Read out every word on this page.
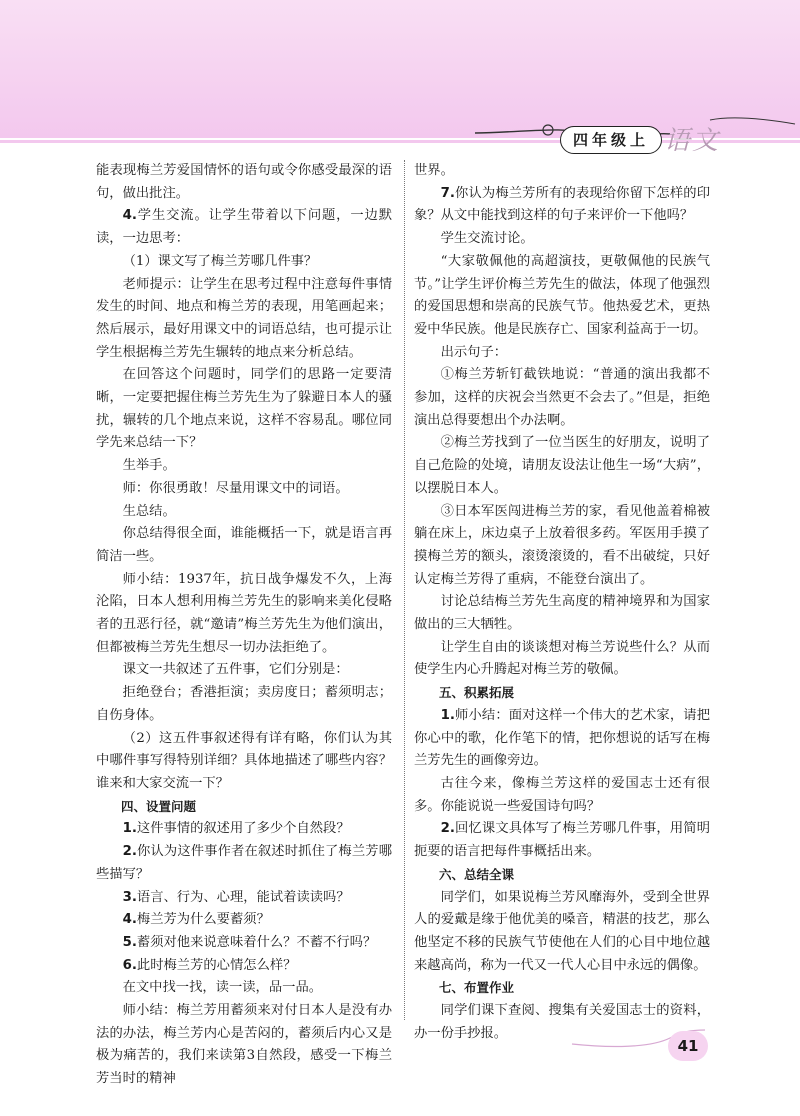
四年级上 语文

能表现梅兰芳爱国情怀的语句或令你感受最深的语句，做出批注。

4.学生交流。让学生带着以下问题，一边默读，一边思考：

（1）课文写了梅兰芳哪几件事？

老师提示：让学生在思考过程中注意每件事情发生的时间、地点和梅兰芳的表现，用笔画起来；然后展示，最好用课文中的词语总结，也可提示让学生根据梅兰芳先生辗转的地点来分析总结。

在回答这个问题时，同学们的思路一定要清晰，一定要把握住梅兰芳先生为了躲避日本人的骚扰，辗转的几个地点来说，这样不容易乱。哪位同学先来总结一下？

生举手。

师：你很勇敢！尽量用课文中的词语。

生总结。

你总结得很全面，谁能概括一下，就是语言再简洁一些。

师小结：1937年，抗日战争爆发不久，上海沦陷，日本人想利用梅兰芳先生的影响来美化侵略者的丑恶行径，就“邀请”梅兰芳先生为他们演出，但都被梅兰芳先生想尽一切办法拒绝了。

课文一共叙述了五件事，它们分别是：

拒绝登台；香港拒演；卖房度日；蓄须明志；自伤身体。

（2）这五件事叙述得有详有略，你们认为其中哪件事写得特别详细？具体地描述了哪些内容？谁来和大家交流一下？

四、设置问题

1.这件事情的叙述用了多少个自然段？

2.你认为这件事作者在叙述时抓住了梅兰芳哪些描写？

3.语言、行为、心理，能试着读读吗？

4.梅兰芳为什么要蓄须？

5.蓄须对他来说意味着什么？不蓄不行吗？

6.此时梅兰芳的心情怎么样？

在文中找一找，读一读，品一品。

师小结：梅兰芳用蓄须来对付日本人是没有办法的办法，梅兰芳内心是苦闷的，蓄须后内心又是极为痛苦的，我们来读第3自然段，感受一下梅兰芳当时的精神

世界。

7.你认为梅兰芳所有的表现给你留下怎样的印象？从文中能找到这样的句子来评价一下他吗？

学生交流讨论。

“大家敬佩他的高超演技，更敬佩他的民族气节。”让学生评价梅兰芳先生的做法，体现了他强烈的爱国思想和崇高的民族气节。他热爱艺术，更热爱中华民族。他是民族存亡、国家利益高于一切。

出示句子：

①梅兰芳斩钉截铁地说：“普通的演出我都不参加，这样的庆祝会当然更不会去了。”但是，拒绝演出总得要想出个办法啊。

②梅兰芳找到了一位当医生的好朋友，说明了自己危险的处境，请朋友设法让他生一场“大病”，以摆脱日本人。

③日本军医闯进梅兰芳的家，看见他盖着棉被躺在床上，床边桌子上放着很多药。军医用手摸了摸梅兰芳的额头，滚烫滚烫的，看不出破绽，只好认定梅兰芳得了重病，不能登台演出了。

讨论总结梅兰芳先生高度的精神境界和为国家做出的三大牺牲。

让学生自由的谈谈想对梅兰芳说些什么？从而使学生内心升腾起对梅兰芳的敬佩。

五、积累拓展

1.师小结：面对这样一个伟大的艺术家，请把你心中的歌，化作笔下的情，把你想说的话写在梅兰芳先生的画像旁边。

古往今来，像梅兰芳这样的爱国志士还有很多。你能说说一些爱国诗句吗？

2.回忆课文具体写了梅兰芳哪几件事，用简明扼要的语言把每件事概括出来。

六、总结全课

同学们，如果说梅兰芳风靡海外，受到全世界人的爱戴是缘于他优美的嗓音，精湛的技艺，那么他坚定不移的民族气节使他在人们的心目中地位越来越高尚，称为一代又一代人心目中永远的偶像。

七、布置作业

同学们课下查阅、搜集有关爱国志士的资料，办一份手抄报。

41
